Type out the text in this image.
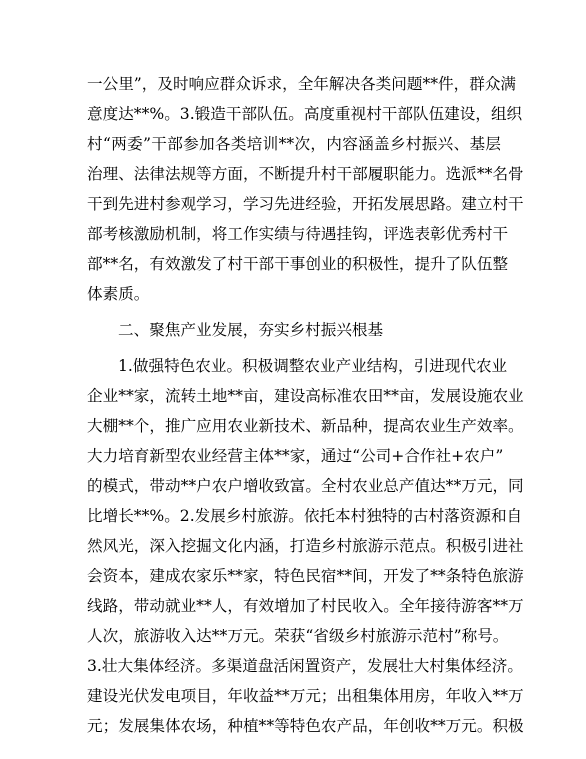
一公里”，及时响应群众诉求，全年解决各类问题**件，群众满
意度达**%。3.锻造干部队伍。高度重视村干部队伍建设，组织
村“两委”干部参加各类培训**次，内容涵盖乡村振兴、基层
治理、法律法规等方面，不断提升村干部履职能力。选派**名骨
干到先进村参观学习，学习先进经验，开拓发展思路。建立村干
部考核激励机制，将工作实绩与待遇挂钩，评选表彰优秀村干
部**名，有效激发了村干部干事创业的积极性，提升了队伍整
体素质。
二、聚焦产业发展，夯实乡村振兴根基
1.做强特色农业。积极调整农业产业结构，引进现代农业
企业**家，流转土地**亩，建设高标准农田**亩，发展设施农业
大棚**个，推广应用农业新技术、新品种，提高农业生产效率。
大力培育新型农业经营主体**家，通过“公司+合作社+农户”
的模式，带动**户农户增收致富。全村农业总产值达**万元，同
比增长**%。2.发展乡村旅游。依托本村独特的古村落资源和自
然风光，深入挖掘文化内涵，打造乡村旅游示范点。积极引进社
会资本，建成农家乐**家，特色民宿**间，开发了**条特色旅游
线路，带动就业**人，有效增加了村民收入。全年接待游客**万
人次，旅游收入达**万元。荣获“省级乡村旅游示范村”称号。
3.壮大集体经济。多渠道盘活闲置资产，发展壮大村集体经济。
建设光伏发电项目，年收益**万元；出租集体用房，年收入**万
元；发展集体农场，种植**等特色农产品，年创收**万元。积极
